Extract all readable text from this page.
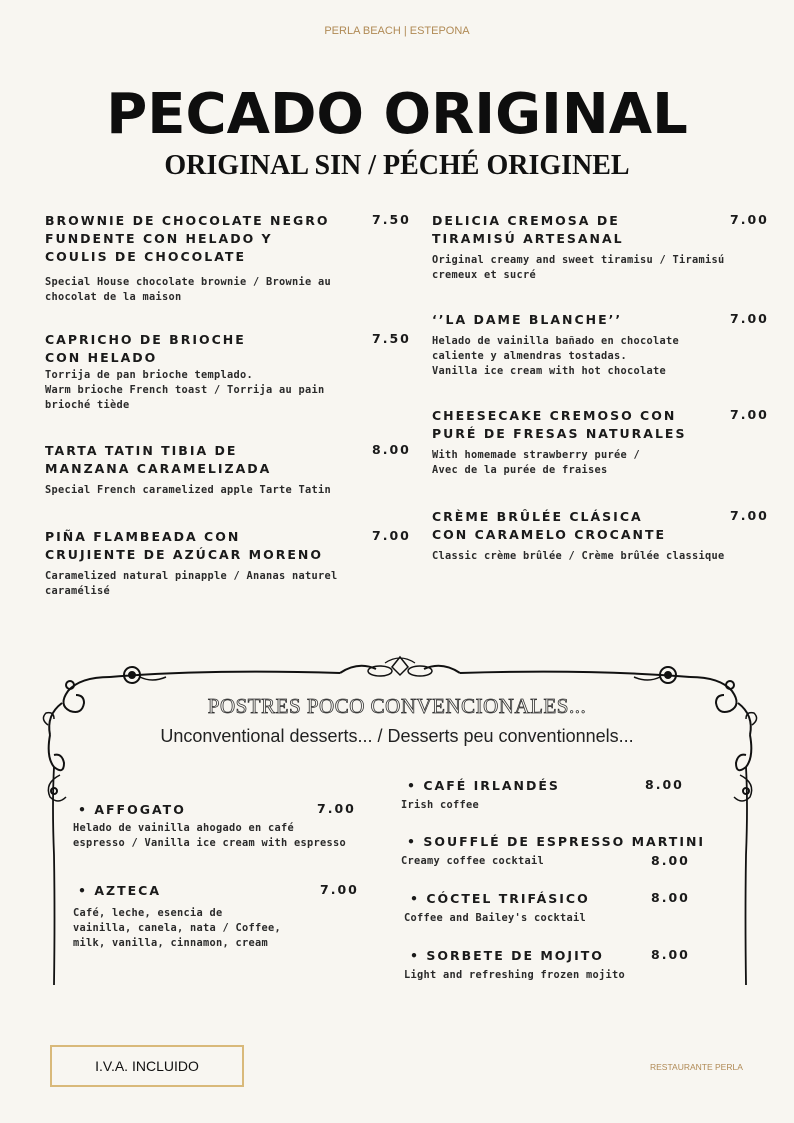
PERLA BEACH | ESTEPONA
PECADO ORIGINAL
ORIGINAL SIN / PÉCHÉ ORIGINEL
BROWNIE DE CHOCOLATE NEGRO
FUNDENTE CON HELADO Y
COULIS DE CHOCOLATE
7.50
Special House chocolate brownie / Brownie au
chocolat de la maison
CAPRICHO DE BRIOCHE
CON HELADO
7.50
Torrija de pan brioche templado.
Warm brioche French toast / Torrija au pain
brioché tiède
TARTA TATIN TIBIA DE
MANZANA CARAMELIZADA
8.00
Special French caramelized apple Tarte Tatin
PIÑA FLAMBEADA CON
CRUJIENTE DE AZÚCAR MORENO
7.00
Caramelized natural pinapple / Ananas naturel
caramélisé
DELICIA CREMOSA DE
TIRAMISÚ ARTESANAL
7.00
Original creamy and sweet tiramisu / Tiramisú
cremeux et sucré
‘’LA DAME BLANCHE’’	7.00
Helado de vainilla bañado en chocolate
caliente y almendras tostadas.
Vanilla ice cream with hot chocolate
CHEESECAKE CREMOSO CON
PURÉ DE FRESAS NATURALES
7.00
With homemade strawberry purée /
Avec de la purée de fraises
CRÈME BRÛLÉE CLÁSICA
CON CARAMELO CROCANTE
7.00
Classic crème brûlée / Crème brûlée classique
POSTRES POCO CONVENCIONALES...
Unconventional desserts... / Desserts peu conventionnels...
• AFFOGATO	7.00
Helado de vainilla ahogado en café
espresso / Vanilla ice cream with espresso
• AZTECA	7.00
Café, leche, esencia de
vainilla, canela, nata / Coffee,
milk, vanilla, cinnamon, cream
• CAFÉ IRLANDÉS	8.00
Irish coffee
• SOUFFLÉ DE ESPRESSO MARTINI
Creamy coffee cocktail	8.00
• CÓCTEL TRIFÁSICO	8.00
Coffee and Bailey's cocktail
• SORBETE DE MOJITO	8.00
Light and refreshing frozen mojito
I.V.A. INCLUIDO	RESTAURANTE PERLA
